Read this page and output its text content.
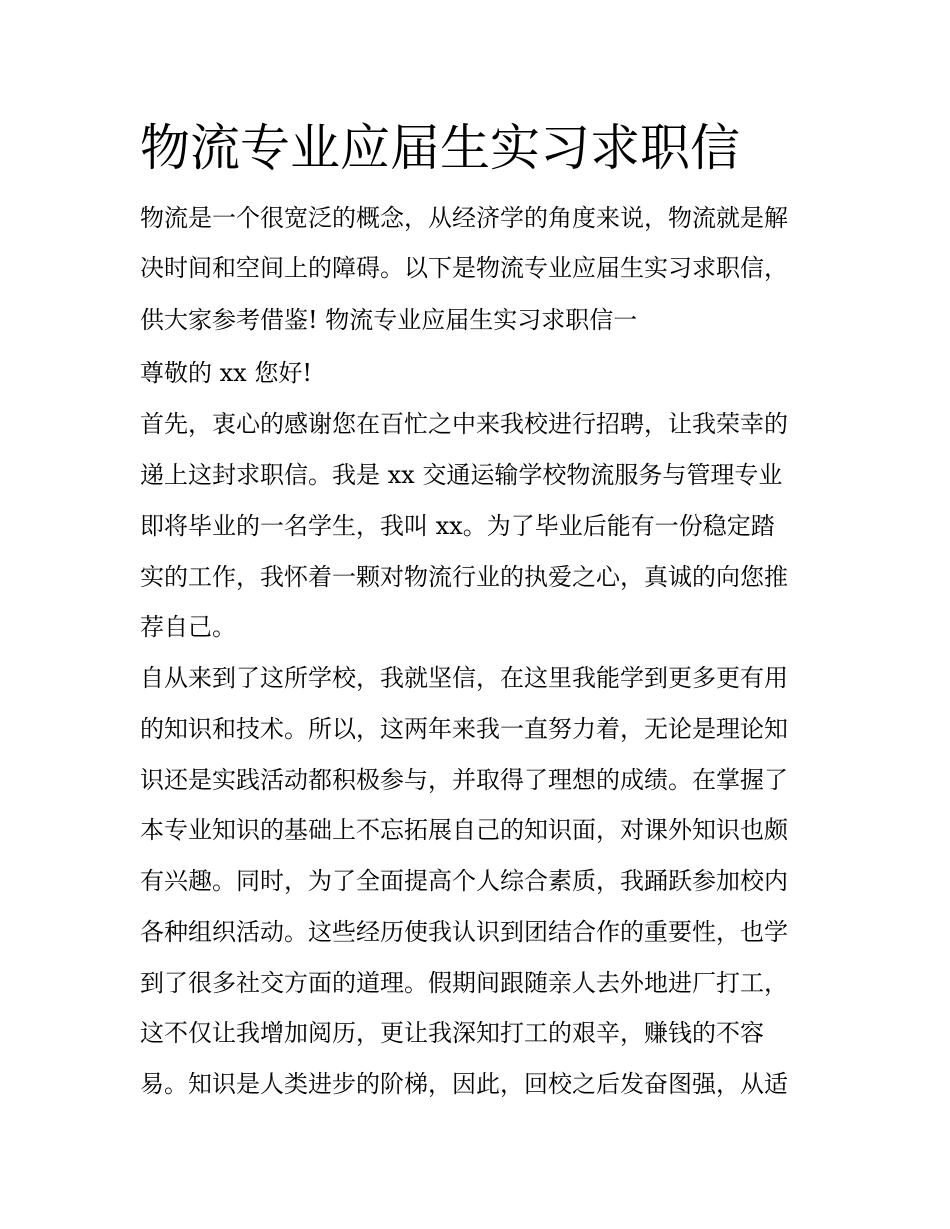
物流专业应届生实习求职信
物流是一个很宽泛的概念，从经济学的角度来说，物流就是解
决时间和空间上的障碍。以下是物流专业应届生实习求职信，
供大家参考借鉴! 物流专业应届生实习求职信一
尊敬的 xx 您好!
首先，衷心的感谢您在百忙之中来我校进行招聘，让我荣幸的
递上这封求职信。我是 xx 交通运输学校物流服务与管理专业
即将毕业的一名学生，我叫 xx。为了毕业后能有一份稳定踏
实的工作，我怀着一颗对物流行业的执爱之心，真诚的向您推
荐自己。
自从来到了这所学校，我就坚信，在这里我能学到更多更有用
的知识和技术。所以，这两年来我一直努力着，无论是理论知
识还是实践活动都积极参与，并取得了理想的成绩。在掌握了
本专业知识的基础上不忘拓展自己的知识面，对课外知识也颇
有兴趣。同时，为了全面提高个人综合素质，我踊跃参加校内
各种组织活动。这些经历使我认识到团结合作的重要性，也学
到了很多社交方面的道理。假期间跟随亲人去外地进厂打工，
这不仅让我增加阅历，更让我深知打工的艰辛，赚钱的不容
易。知识是人类进步的阶梯，因此，回校之后发奋图强，从适
